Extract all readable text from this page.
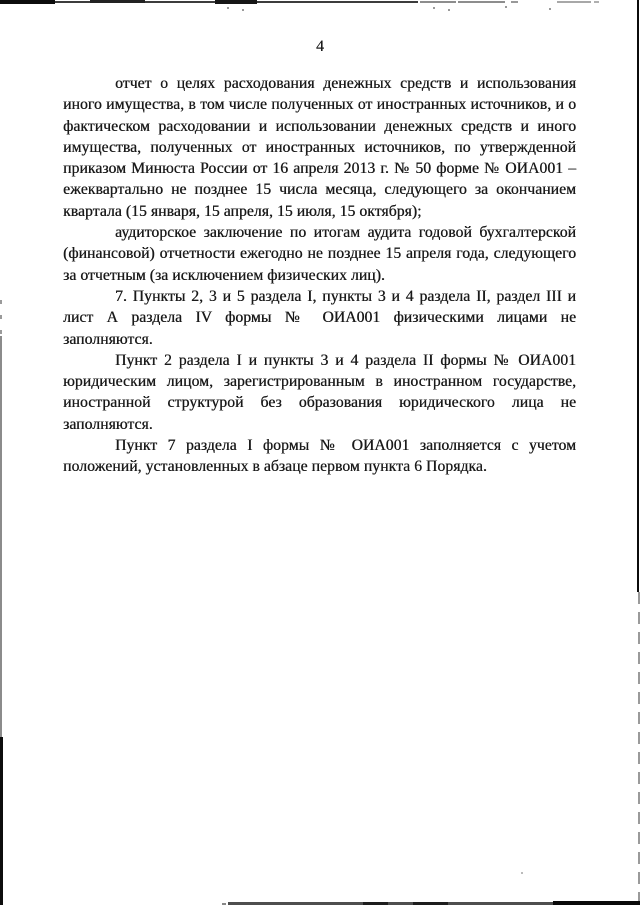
4

отчет о целях расходования денежных средств и использования иного имущества, в том числе полученных от иностранных источников, и о фактическом расходовании и использовании денежных средств и иного имущества, полученных от иностранных источников, по утвержденной приказом Минюста России от 16 апреля 2013 г. № 50 форме № ОИА001 – ежеквартально не позднее 15 числа месяца, следующего за окончанием квартала (15 января, 15 апреля, 15 июля, 15 октября);

аудиторское заключение по итогам аудита годовой бухгалтерской (финансовой) отчетности ежегодно не позднее 15 апреля года, следующего за отчетным (за исключением физических лиц).

7. Пункты 2, 3 и 5 раздела I, пункты 3 и 4 раздела II, раздел III и лист А раздела IV формы № ОИА001 физическими лицами не заполняются.

Пункт 2 раздела I и пункты 3 и 4 раздела II формы № ОИА001 юридическим лицом, зарегистрированным в иностранном государстве, иностранной структурой без образования юридического лица не заполняются.

Пункт 7 раздела I формы № ОИА001 заполняется с учетом положений, установленных в абзаце первом пункта 6 Порядка.
